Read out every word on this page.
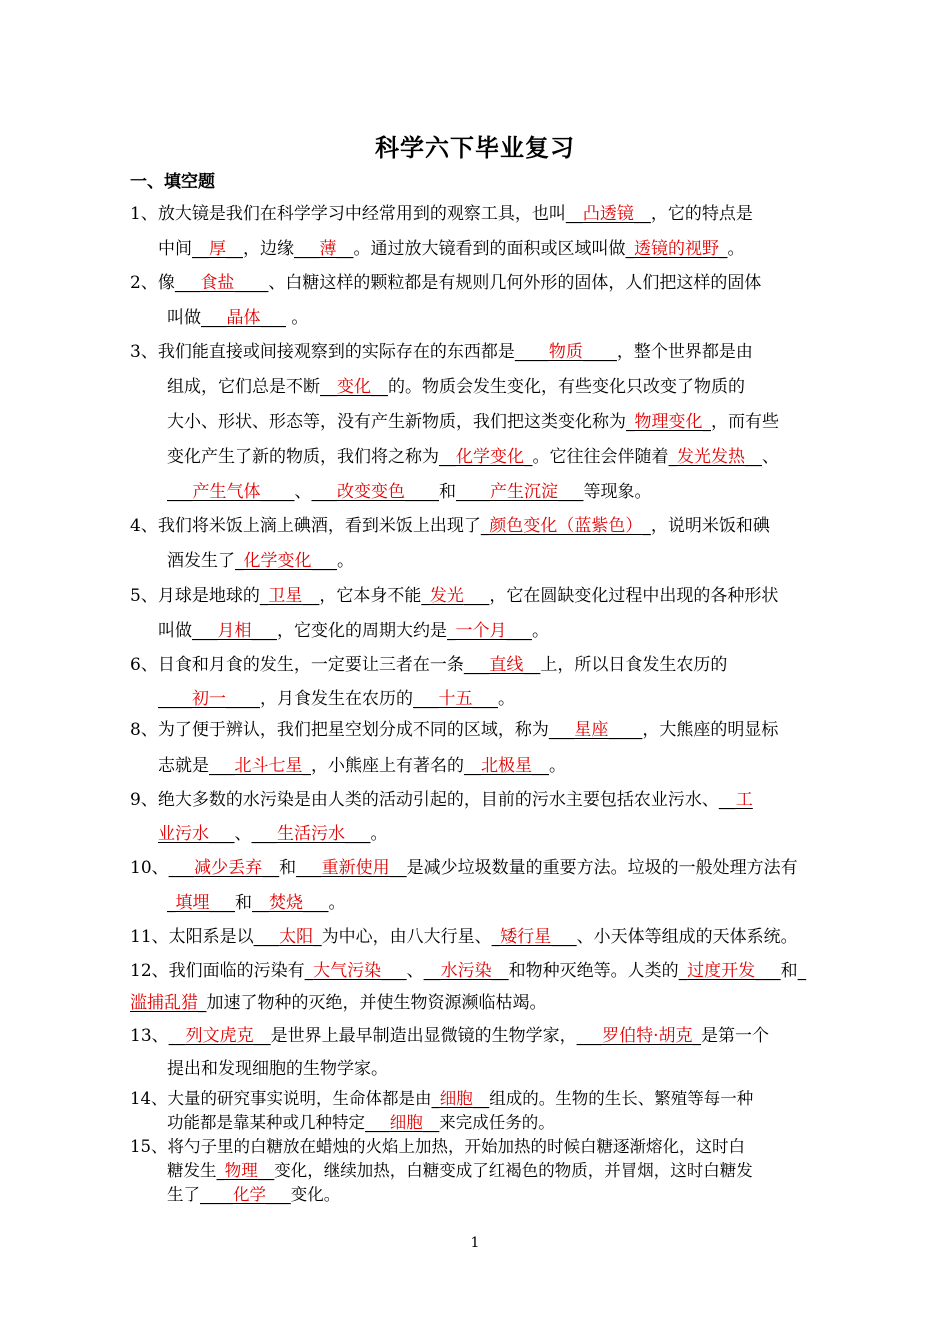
科学六下毕业复习
一、填空题
1、放大镜是我们在科学学习中经常用到的观察工具，也叫__凸透镜__，它的特点是
中间__厚__，边缘___薄__。通过放大镜看到的面积或区域叫做_透镜的视野_。
2、像___食盐____、白糖这样的颗粒都是有规则几何外形的固体，人们把这样的固体
叫做___晶体___ 。
3、我们能直接或间接观察到的实际存在的东西都是____物质____，整个世界都是由
组成，它们总是不断__变化__的。物质会发生变化，有些变化只改变了物质的
大小、形状、形态等，没有产生新物质，我们把这类变化称为_物理变化_，而有些
变化产生了新的物质，我们将之称为__化学变化_。它往往会伴随着_发光发热__、
___产生气体____、___改变变色____和____产生沉淀___等现象。
4、我们将米饭上滴上碘酒，看到米饭上出现了_颜色变化（蓝紫色）_，说明米饭和碘
酒发生了_化学变化___。
5、月球是地球的_卫星__，它本身不能_发光___，它在圆缺变化过程中出现的各种形状
叫做___月相___，它变化的周期大约是_一个月___。
6、日食和月食的发生，一定要让三者在一条___直线__上，所以日食发生农历的
____初一____，月食发生在农历的___十五___。
8、为了便于辨认，我们把星空划分成不同的区域，称为___星座____，大熊座的明显标
志就是___北斗七星_，小熊座上有著名的__北极星__。
9、绝大多数的水污染是由人类的活动引起的，目前的污水主要包括农业污水、__工
业污水___、___生活污水___。
10、___减少丢弃__和___重新使用__是减少垃圾数量的重要方法。垃圾的一般处理方法有
_填埋___和__焚烧___。
11、太阳系是以___太阳_为中心，由八大行星、_矮行星___、小天体等组成的天体系统。
12、我们面临的污染有_大气污染___、__水污染__和物种灭绝等。人类的_过度开发___和_
滥捕乱猎_加速了物种的灭绝，并使生物资源濒临枯竭。
13、__列文虎克__是世界上最早制造出显微镜的生物学家，___罗伯特·胡克_是第一个
提出和发现细胞的生物学家。
14、大量的研究事实说明，生命体都是由_细胞__组成的。生物的生长、繁殖等每一种
功能都是靠某种或几种特定___细胞__来完成任务的。
15、将勺子里的白糖放在蜡烛的火焰上加热，开始加热的时候白糖逐渐熔化，这时白
糖发生_物理__变化，继续加热，白糖变成了红褐色的物质，并冒烟，这时白糖发
生了____化学___变化。
1
